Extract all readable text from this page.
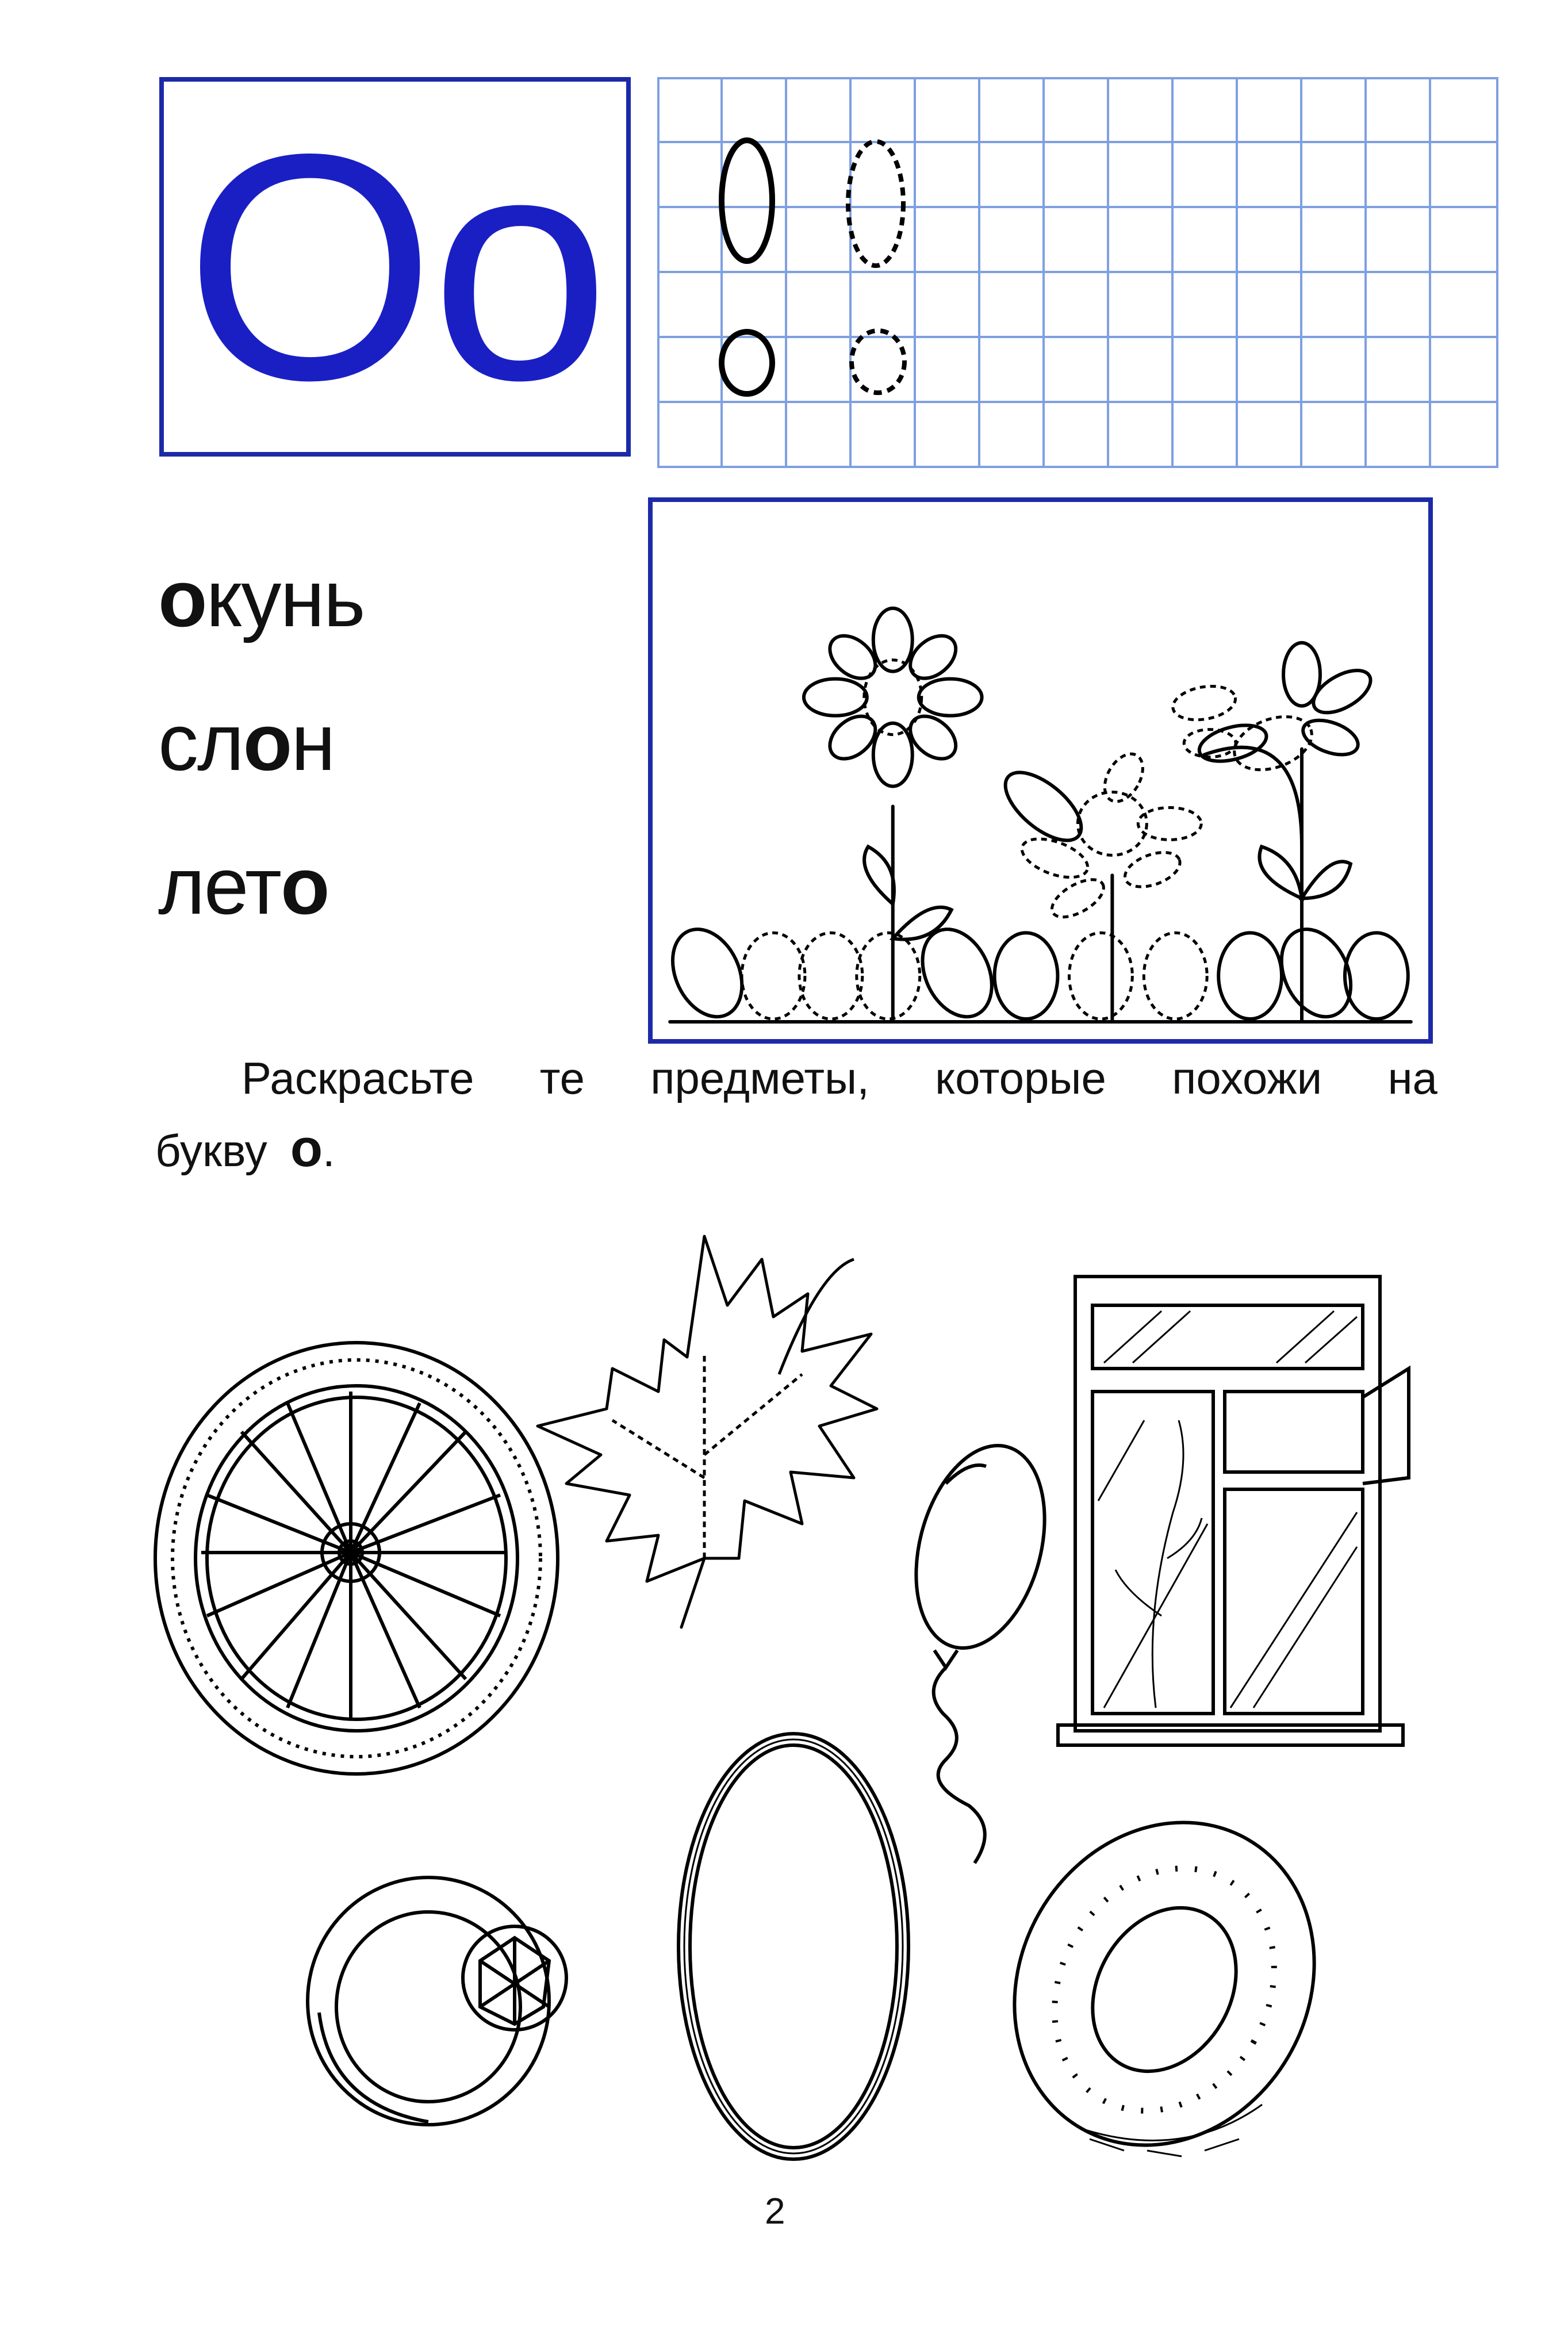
О о
окунь
слон
лето
Раскрасьте те предметы, которые похожи на
букву о.
2
